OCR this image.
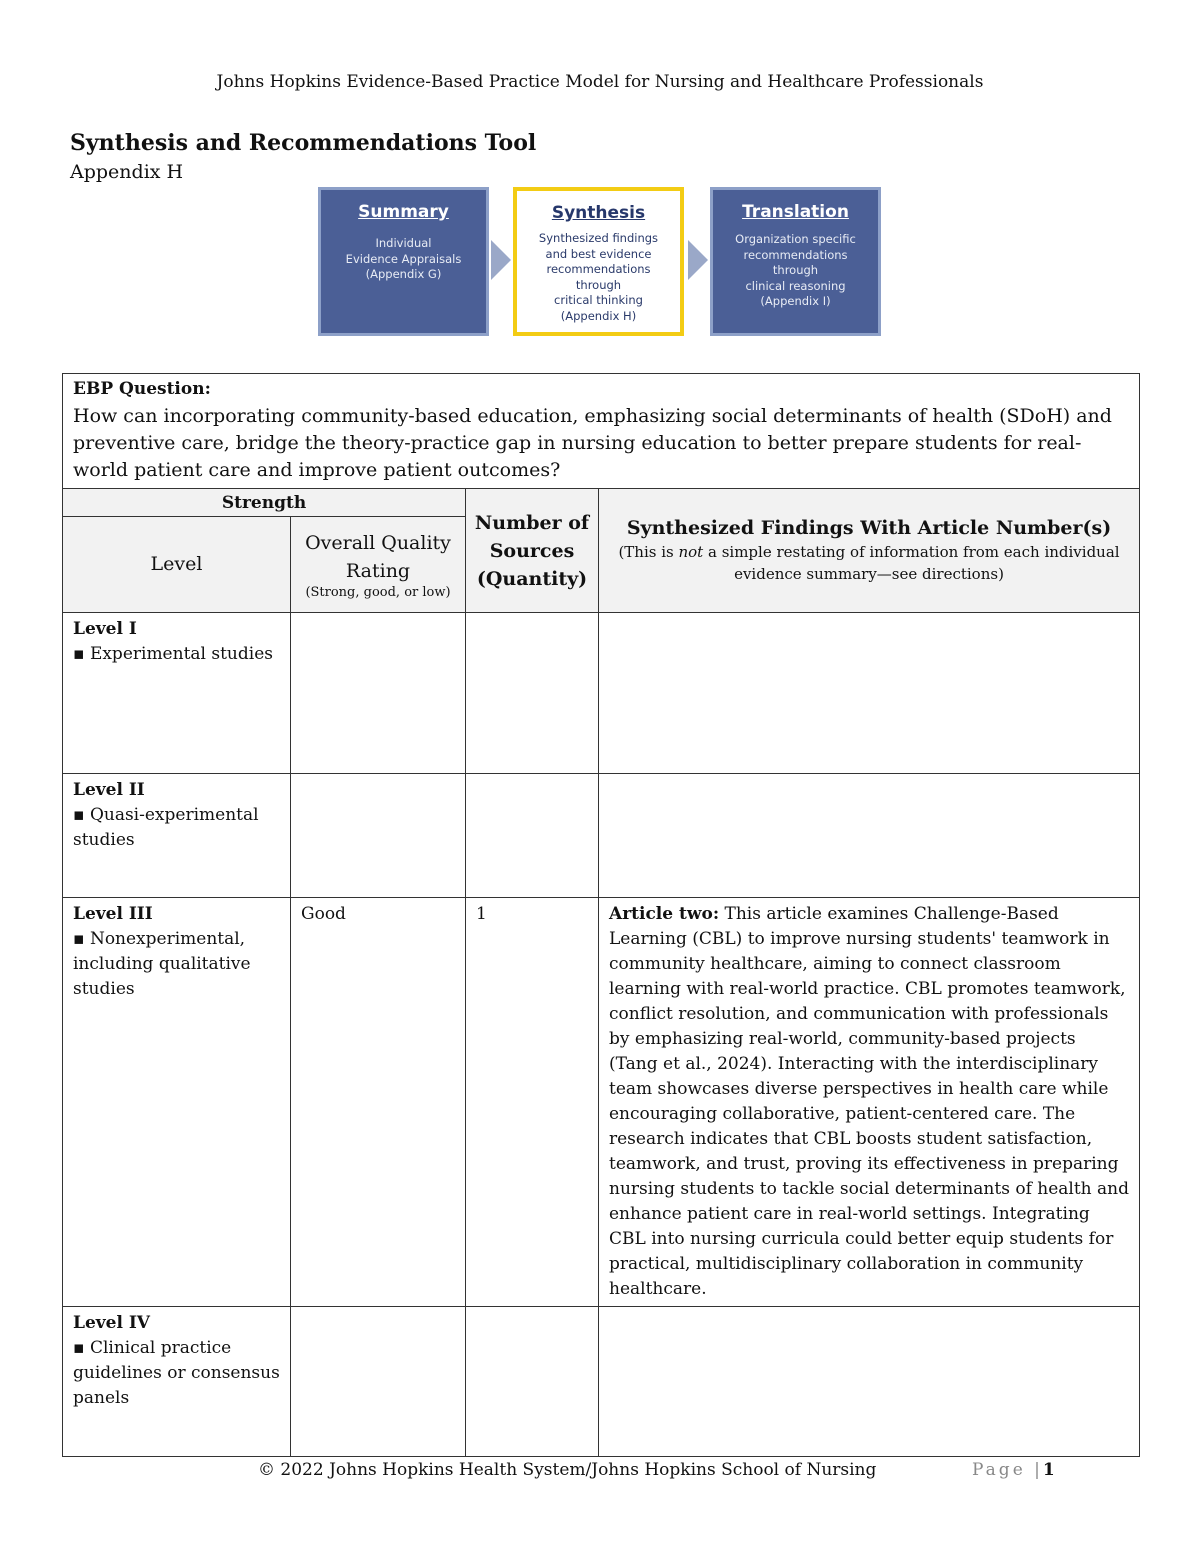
Johns Hopkins Evidence-Based Practice Model for Nursing and Healthcare Professionals
Synthesis and Recommendations Tool
Appendix H
Summary

Individual

Evidence Appraisals

(Appendix G)

Synthesis

Synthesized findings

and best evidence

recommendations

through

critical thinking

(Appendix H)

Translation

Organization specific

recommendations

through

clinical reasoning

(Appendix I)

EBP Question:
How can incorporating community-based education, emphasizing social determinants of health (SDoH) and preventive care, bridge the theory-practice gap in nursing education to better prepare students for real-world patient care and improve patient outcomes?			

Strength		Number of Sources (Quantity)	Synthesized Findings With Article Number(s)
(This is not a simple restating of information from each individual evidence summary—see directions)

Level	Overall Quality Rating
(Strong, good, or low)		

Level I
▪ Experimental studies			

Level II
▪ Quasi-experimental studies			

Level III
▪ Nonexperimental, including qualitative studies	Good	1	Article two: This article examines Challenge-Based Learning (CBL) to improve nursing students' teamwork in community healthcare, aiming to connect classroom learning with real-world practice. CBL promotes teamwork, conflict resolution, and communication with professionals by emphasizing real-world, community-based projects (Tang et al., 2024). Interacting with the interdisciplinary team showcases diverse perspectives in health care while encouraging collaborative, patient-centered care. The research indicates that CBL boosts student satisfaction, teamwork, and trust, proving its effectiveness in preparing nursing students to tackle social determinants of health and enhance patient care in real-world settings. Integrating CBL into nursing curricula could better equip students for practical, multidisciplinary collaboration in community healthcare.

Level IV
▪ Clinical practice guidelines or consensus panels			

© 2022 Johns Hopkins Health System/Johns Hopkins School of Nursing	Page |1
